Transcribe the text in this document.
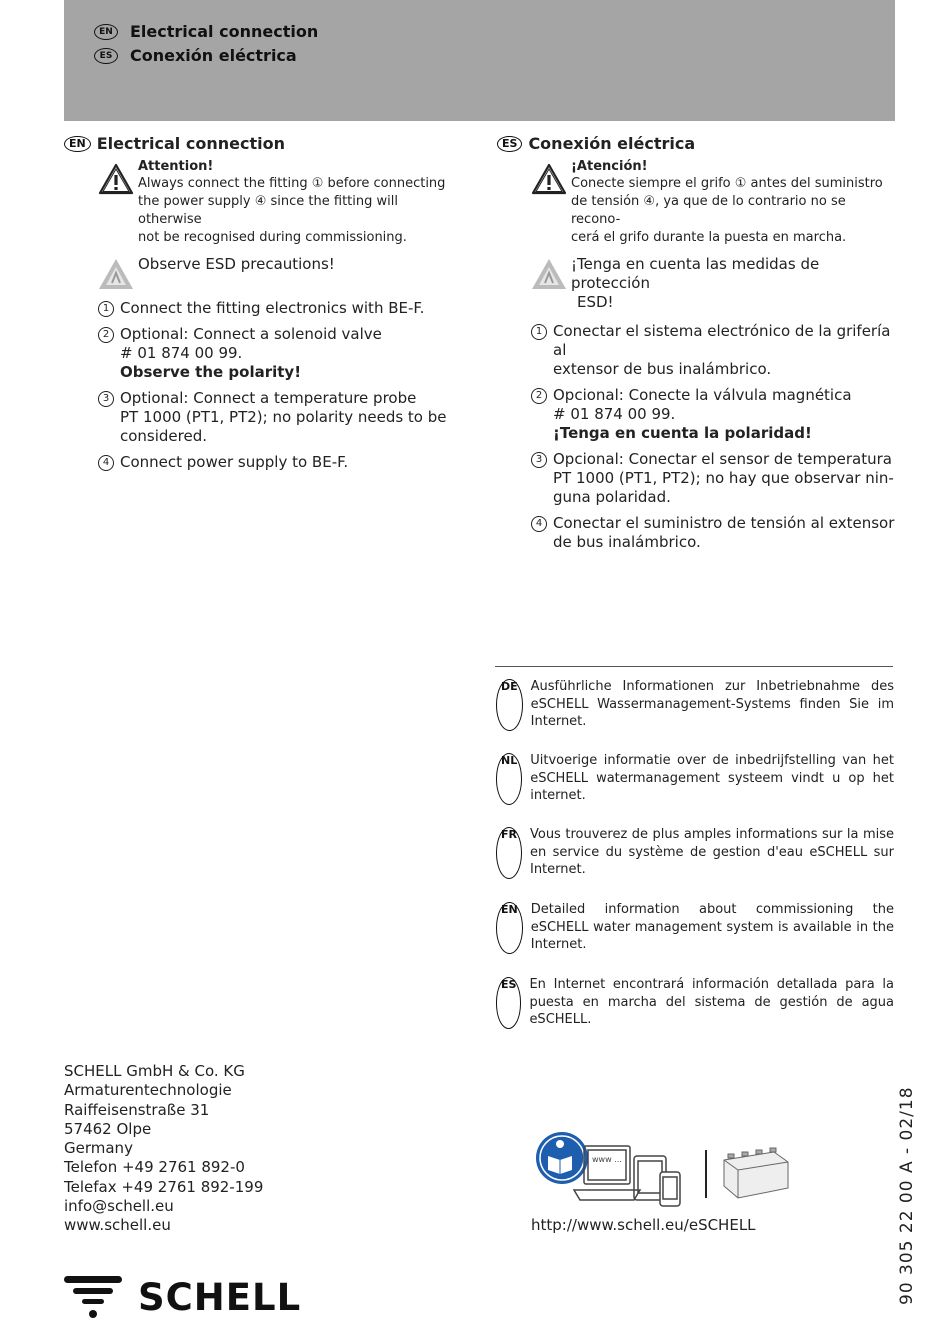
EN	Electrical connection
ES	Conexión eléctrica
EN Electrical connection
Attention!
Always connect the fitting ① before connecting
the power supply ④ since the fitting will otherwise
not be recognised during commissioning.
Observe ESD precautions!
1 Connect the fitting electronics with BE-F.
2 Optional: Connect a solenoid valve
# 01 874 00 99.
Observe the polarity!
3 Optional: Connect a temperature probe
PT 1000 (PT1, PT2); no polarity needs to be
considered.
4 Connect power supply to BE-F.
ES Conexión eléctrica
¡Atención!
Conecte siempre el grifo ① antes del suministro
de tensión ④, ya que de lo contrario no se recono-
cerá el grifo durante la puesta en marcha.
¡Tenga en cuenta las medidas de protección
ESD!
1 Conectar el sistema electrónico de la grifería al
extensor de bus inalámbrico.
2 Opcional: Conecte la válvula magnética
# 01 874 00 99.
¡Tenga en cuenta la polaridad!
3 Opcional: Conectar el sensor de temperatura
PT 1000 (PT1, PT2); no hay que observar nin-
guna polaridad.
4 Conectar el suministro de tensión al extensor
de bus inalámbrico.
DE	Ausführliche Informationen zur Inbetriebnahme des eSCHELL Wassermanagement-Systems finden Sie im Internet.
NL	Uitvoerige informatie over de inbedrijfstelling van het eSCHELL watermanagement systeem vindt u op het internet.
FR	Vous trouverez de plus amples informations sur la mise en service du système de gestion d'eau eSCHELL sur Internet.
EN	Detailed information about commissioning the eSCHELL water management system is available in the Internet.
ES	En Internet encontrará información detallada para la puesta en marcha del sistema de gestión de agua eSCHELL.
SCHELL GmbH & Co. KG
Armaturentechnologie
Raiffeisenstraße 31
57462 Olpe
Germany
Telefon +49 2761 892-0
Telefax +49 2761 892-199
info@schell.eu
www.schell.eu
www ...
http://www.schell.eu/eSCHELL	90 305 22 00 A - 02/18
SCHELL
